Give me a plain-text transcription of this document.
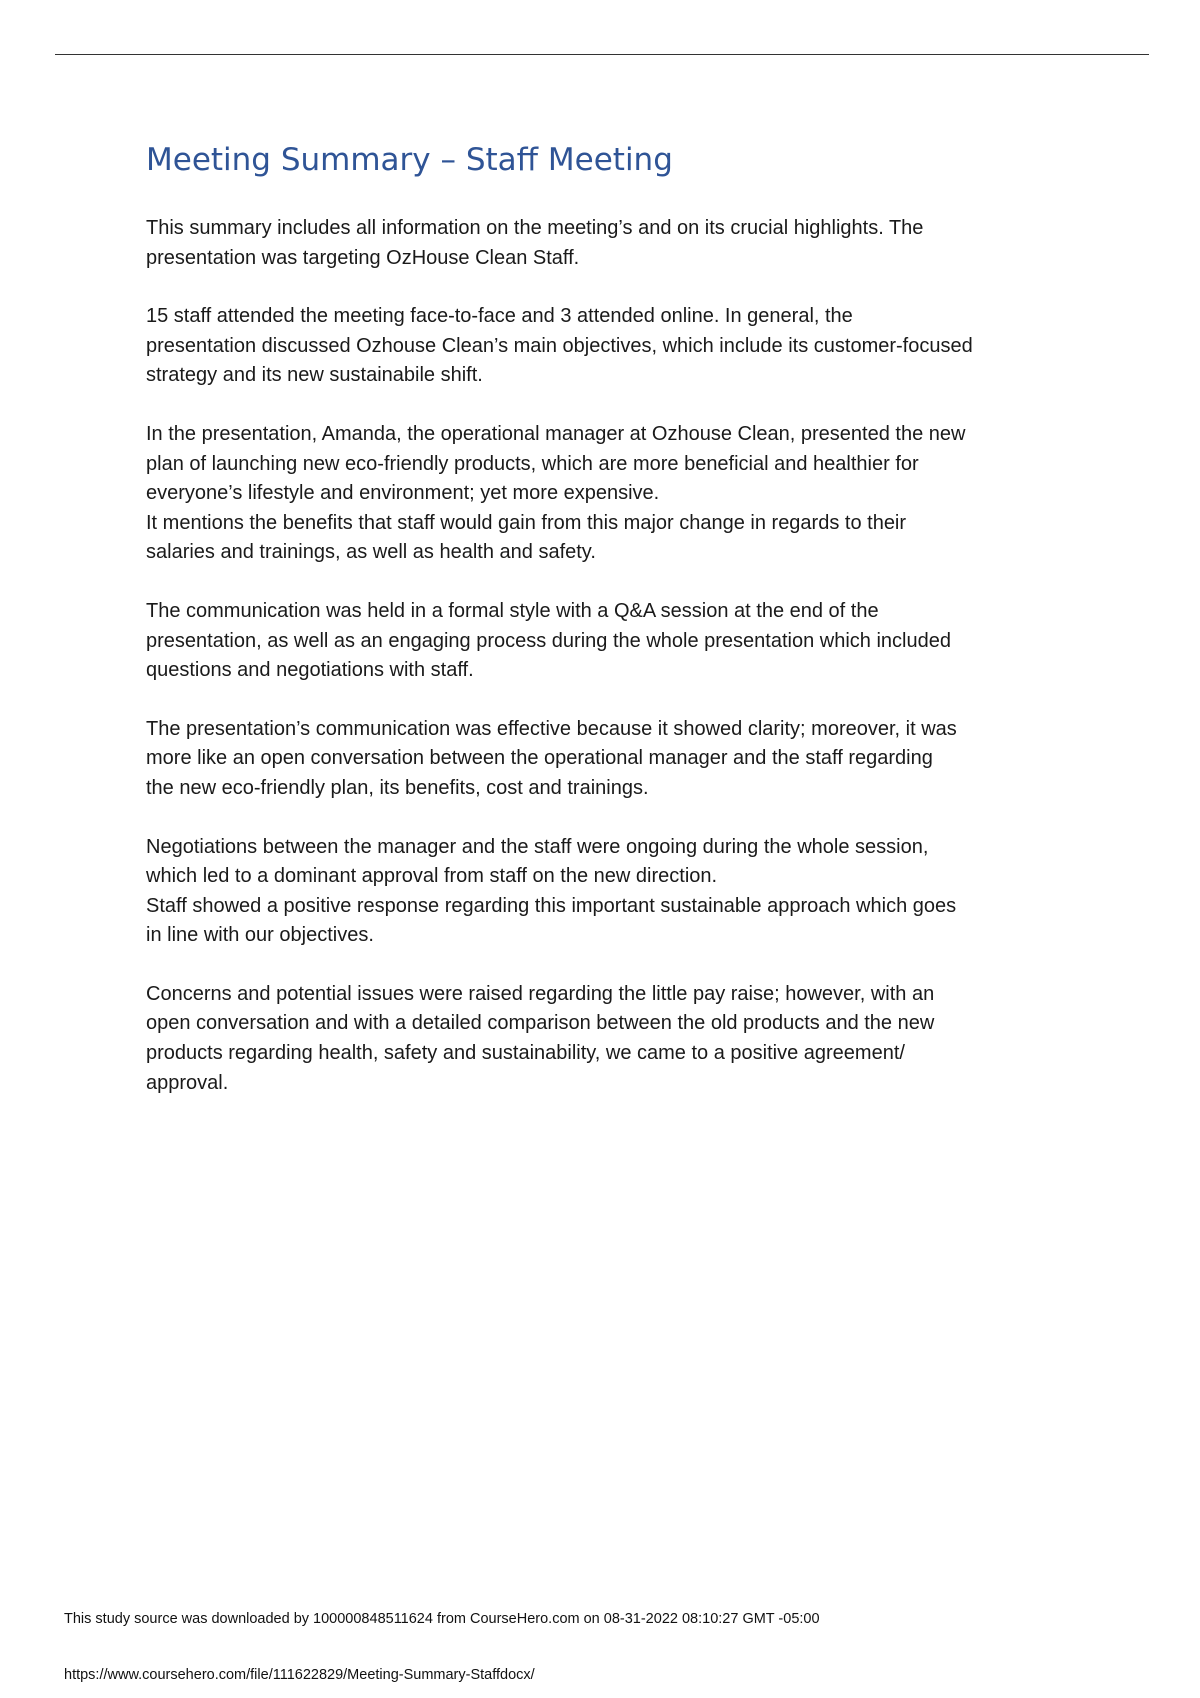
Meeting Summary – Staff Meeting

This summary includes all information on the meeting’s and on its crucial highlights. The
presentation was targeting OzHouse Clean Staff.

15 staff attended the meeting face-to-face and 3 attended online. In general, the
presentation discussed Ozhouse Clean’s main objectives, which include its customer-focused
strategy and its new sustainabile shift.

In the presentation, Amanda, the operational manager at Ozhouse Clean, presented the new
plan of launching new eco-friendly products, which are more beneficial and healthier for
everyone’s lifestyle and environment; yet more expensive.
It mentions the benefits that staff would gain from this major change in regards to their
salaries and trainings, as well as health and safety.

The communication was held in a formal style with a Q&A session at the end of the
presentation, as well as an engaging process during the whole presentation which included
questions and negotiations with staff.

The presentation’s communication was effective because it showed clarity; moreover, it was
more like an open conversation between the operational manager and the staff regarding
the new eco-friendly plan, its benefits, cost and trainings.

Negotiations between the manager and the staff were ongoing during the whole session,
which led to a dominant approval from staff on the new direction.
Staff showed a positive response regarding this important sustainable approach which goes
in line with our objectives.

Concerns and potential issues were raised regarding the little pay raise; however, with an
open conversation and with a detailed comparison between the old products and the new
products regarding health, safety and sustainability, we came to a positive agreement/
approval.

This study source was downloaded by 100000848511624 from CourseHero.com on 08-31-2022 08:10:27 GMT -05:00

https://www.coursehero.com/file/111622829/Meeting-Summary-Staffdocx/
